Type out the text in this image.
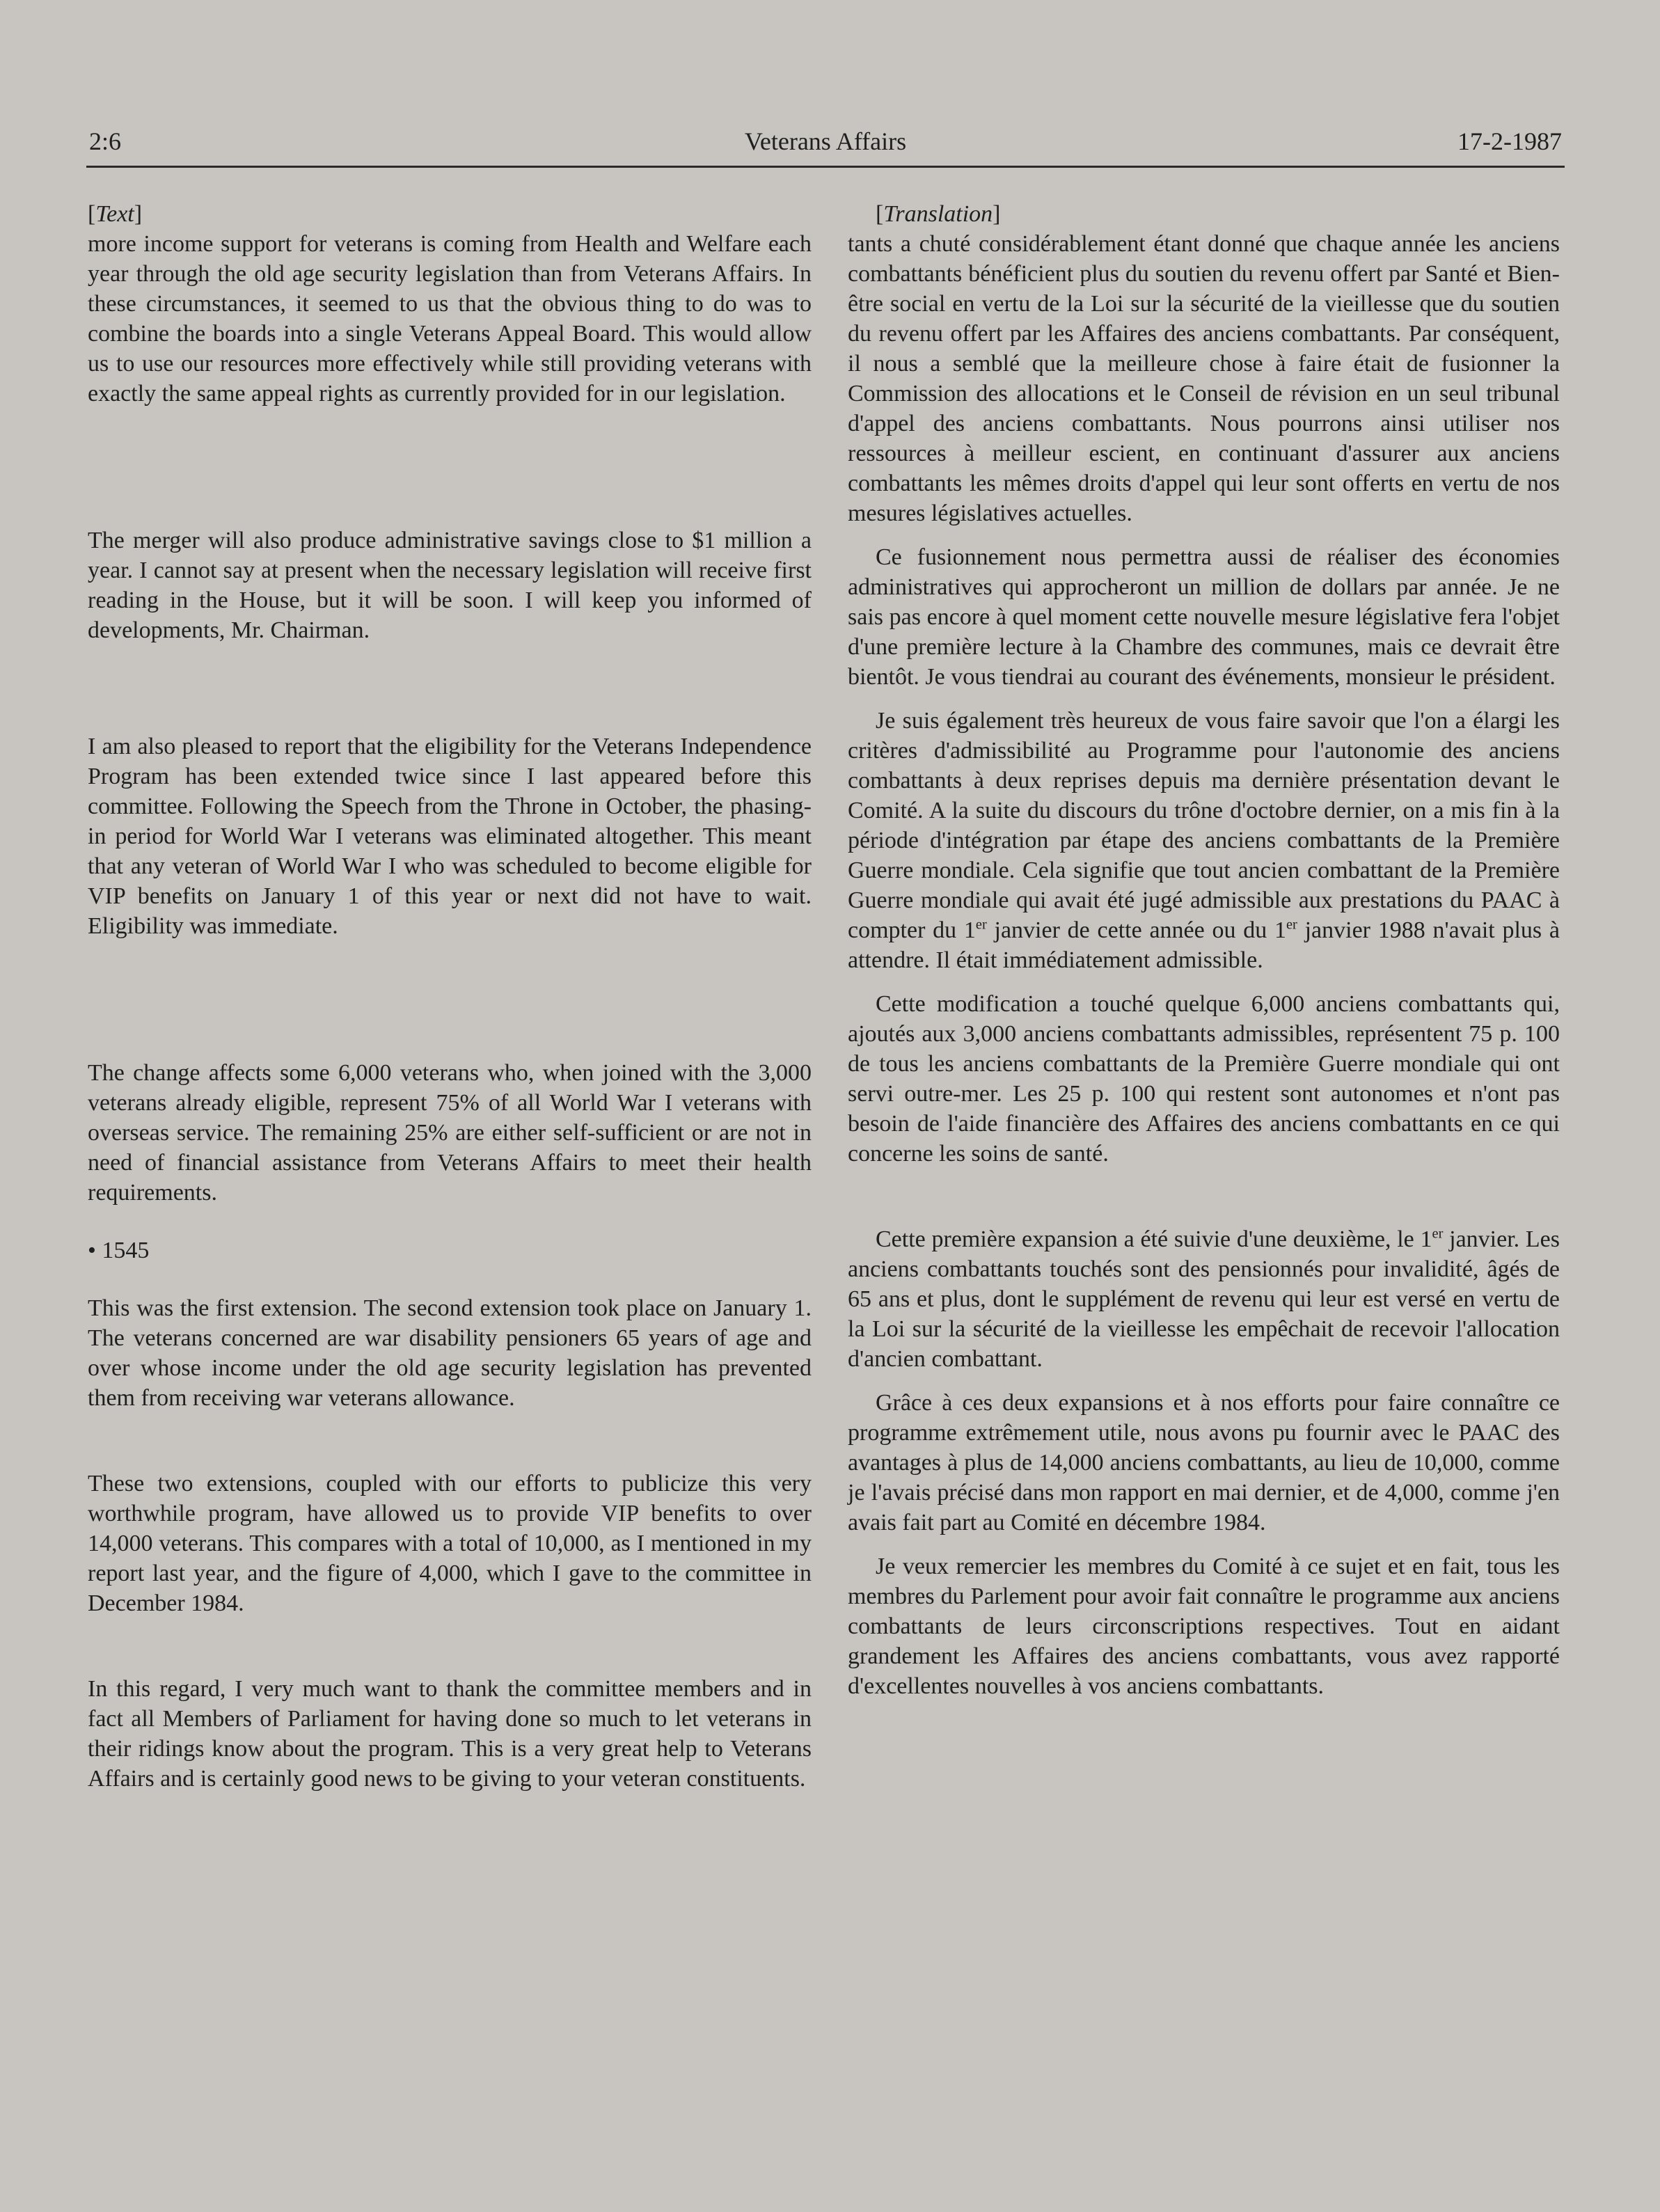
2:6	Veterans Affairs	17-2-1987

[Text]

more income support for veterans is coming from Health and Welfare each year through the old age security legislation than from Veterans Affairs. In these circumstances, it seemed to us that the obvious thing to do was to combine the boards into a single Veterans Appeal Board. This would allow us to use our resources more effectively while still providing veterans with exactly the same appeal rights as currently provided for in our legislation.

The merger will also produce administrative savings close to $1 million a year. I cannot say at present when the necessary legislation will receive first reading in the House, but it will be soon. I will keep you informed of developments, Mr. Chairman.

I am also pleased to report that the eligibility for the Veterans Independence Program has been extended twice since I last appeared before this committee. Following the Speech from the Throne in October, the phasing-in period for World War I veterans was eliminated altogether. This meant that any veteran of World War I who was scheduled to become eligible for VIP benefits on January 1 of this year or next did not have to wait. Eligibility was immediate.

The change affects some 6,000 veterans who, when joined with the 3,000 veterans already eligible, represent 75% of all World War I veterans with overseas service. The remaining 25% are either self-sufficient or are not in need of financial assistance from Veterans Affairs to meet their health requirements.

• 1545

This was the first extension. The second extension took place on January 1. The veterans concerned are war disability pensioners 65 years of age and over whose income under the old age security legislation has prevented them from receiving war veterans allowance.

These two extensions, coupled with our efforts to publicize this very worthwhile program, have allowed us to provide VIP benefits to over 14,000 veterans. This compares with a total of 10,000, as I mentioned in my report last year, and the figure of 4,000, which I gave to the committee in December 1984.

In this regard, I very much want to thank the committee members and in fact all Members of Parliament for having done so much to let veterans in their ridings know about the program. This is a very great help to Veterans Affairs and is certainly good news to be giving to your veteran constituents.

[Translation]

tants a chuté considérablement étant donné que chaque année les anciens combattants bénéficient plus du soutien du revenu offert par Santé et Bien-être social en vertu de la Loi sur la sécurité de la vieillesse que du soutien du revenu offert par les Affaires des anciens combattants. Par conséquent, il nous a semblé que la meilleure chose à faire était de fusionner la Commission des allocations et le Conseil de révision en un seul tribunal d'appel des anciens combattants. Nous pourrons ainsi utiliser nos ressources à meilleur escient, en continuant d'assurer aux anciens combattants les mêmes droits d'appel qui leur sont offerts en vertu de nos mesures législatives actuelles.

Ce fusionnement nous permettra aussi de réaliser des économies administratives qui approcheront un million de dollars par année. Je ne sais pas encore à quel moment cette nouvelle mesure législative fera l'objet d'une première lecture à la Chambre des communes, mais ce devrait être bientôt. Je vous tiendrai au courant des événements, monsieur le président.

Je suis également très heureux de vous faire savoir que l'on a élargi les critères d'admissibilité au Programme pour l'autonomie des anciens combattants à deux reprises depuis ma dernière présentation devant le Comité. A la suite du discours du trône d'octobre dernier, on a mis fin à la période d'intégration par étape des anciens combattants de la Première Guerre mondiale. Cela signifie que tout ancien combattant de la Première Guerre mondiale qui avait été jugé admissible aux prestations du PAAC à compter du 1er janvier de cette année ou du 1er janvier 1988 n'avait plus à attendre. Il était immédiatement admissible.

Cette modification a touché quelque 6,000 anciens combattants qui, ajoutés aux 3,000 anciens combattants admissibles, représentent 75 p. 100 de tous les anciens combattants de la Première Guerre mondiale qui ont servi outre-mer. Les 25 p. 100 qui restent sont autonomes et n'ont pas besoin de l'aide financière des Affaires des anciens combattants en ce qui concerne les soins de santé.

Cette première expansion a été suivie d'une deuxième, le 1er janvier. Les anciens combattants touchés sont des pensionnés pour invalidité, âgés de 65 ans et plus, dont le supplément de revenu qui leur est versé en vertu de la Loi sur la sécurité de la vieillesse les empêchait de recevoir l'allocation d'ancien combattant.

Grâce à ces deux expansions et à nos efforts pour faire connaître ce programme extrêmement utile, nous avons pu fournir avec le PAAC des avantages à plus de 14,000 anciens combattants, au lieu de 10,000, comme je l'avais précisé dans mon rapport en mai dernier, et de 4,000, comme j'en avais fait part au Comité en décembre 1984.

Je veux remercier les membres du Comité à ce sujet et en fait, tous les membres du Parlement pour avoir fait connaître le programme aux anciens combattants de leurs circonscriptions respectives. Tout en aidant grandement les Affaires des anciens combattants, vous avez rapporté d'excellentes nouvelles à vos anciens combattants.
